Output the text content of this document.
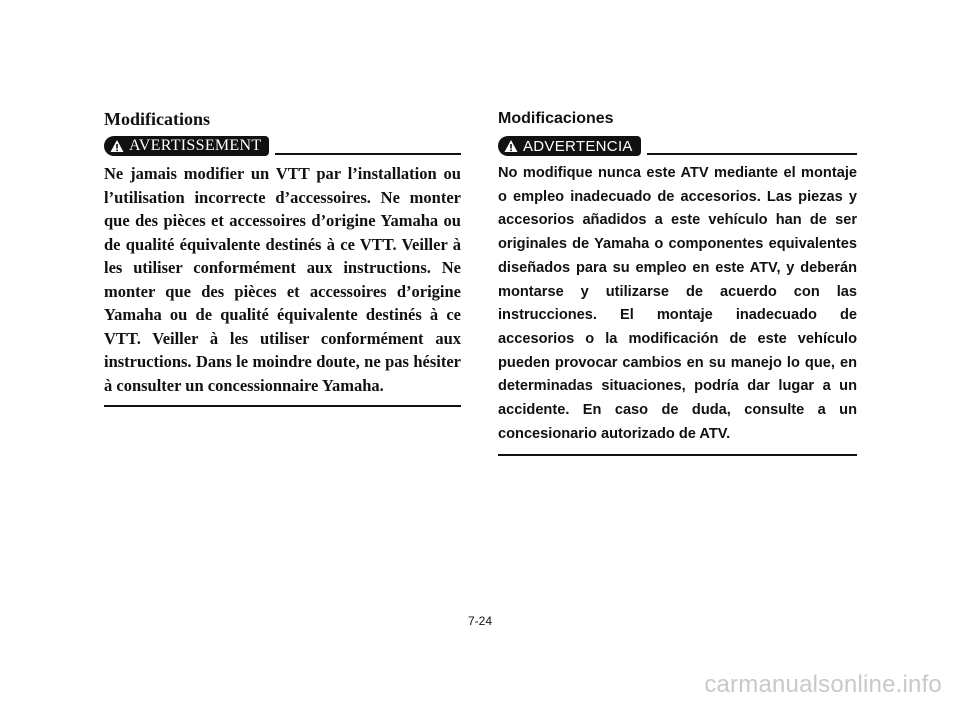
Modifications
AVERTISSEMENT

Ne jamais modifier un VTT par l’installation ou l’utilisation incorrecte d’accessoires. Ne monter que des pièces et accessoires d’origine Yamaha ou de qualité équivalente destinés à ce VTT. Veiller à les utiliser conformément aux instructions. Ne monter que des pièces et accessoires d’origine Yamaha ou de qualité équivalente destinés à ce VTT. Veiller à les utiliser conformément aux instructions. Dans le moindre doute, ne pas hésiter à consulter un concessionnaire Yamaha.

Modificaciones
ADVERTENCIA

No modifique nunca este ATV mediante el montaje o empleo inadecuado de accesorios. Las piezas y accesorios añadidos a este vehículo han de ser originales de Yamaha o componentes equivalentes diseñados para su empleo en este ATV, y deberán montarse y utilizarse de acuerdo con las instrucciones. El montaje inadecuado de accesorios o la modificación de este vehículo pueden provocar cambios en su manejo lo que, en determinadas situaciones, podría dar lugar a un accidente. En caso de duda, consulte a un concesionario autorizado de ATV.

7-24
carmanualsonline.info
